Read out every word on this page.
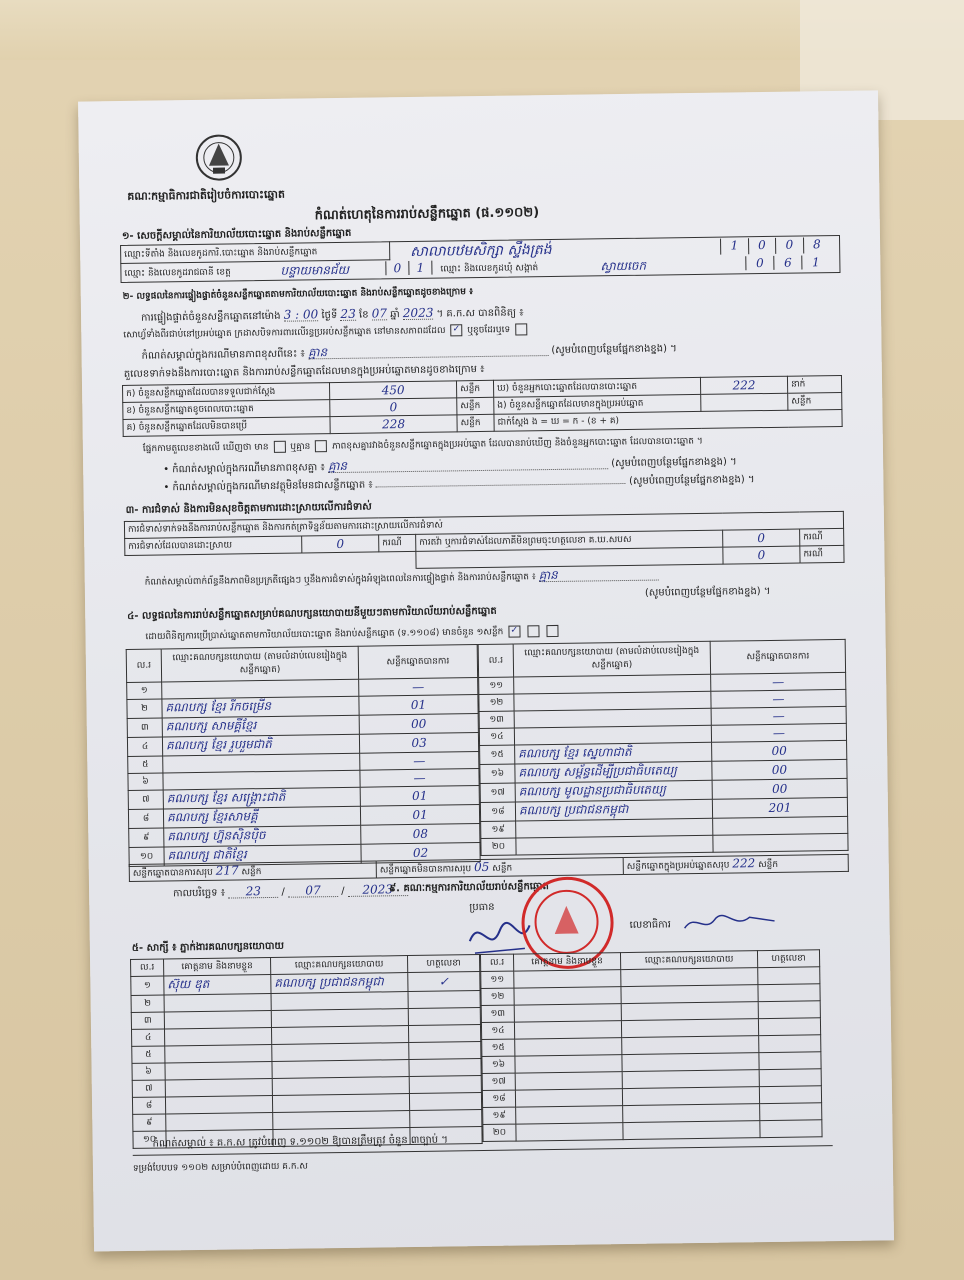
គណៈកម្មាធិការជាតិរៀបចំការបោះឆ្នោត
កំណត់ហេតុនៃការរាប់សន្លឹកឆ្នោត (ផ.១១០២)
១- សេចក្តីសម្គាល់នៃការិយាល័យបោះឆ្នោត និងរាប់សន្លឹកឆ្នោត
ឈ្មោះទីតាំង និងលេខកូដការិ.បោះឆ្នោត និងរាប់សន្លឹកឆ្នោត	សាលាបឋមសិក្សា ស្ទឹងត្រង់	1	0	0	8
ឈ្មោះ និងលេខកូដរាជធានី ខេត្ត	បន្ទាយមានជ័យ	0	1	ឈ្មោះ និងលេខកូដឃុំ សង្កាត់	ស្វាយចេក	0	6	1
២- លទ្ធផលនៃការផ្ទៀងផ្ទាត់ចំនួនសន្លឹកឆ្នោតតាមការិយាល័យបោះឆ្នោត និងរាប់សន្លឹកឆ្នោតដូចខាងក្រោម ៖
ការផ្ទៀងផ្ទាត់ចំនួនសន្លឹកឆ្នោតនៅម៉ោង 3 : 00 ថ្ងៃទី 23 ខែ 07 ឆ្នាំ 2023 ។ គ.ក.ស បានពិនិត្យ ៖
សោហ្វ័ទាំងពីរជាប់នៅប្រអប់ឆ្នោត ក្រដាសបិទការពារលើរន្ធប្រអប់សន្លឹកឆ្នោត នៅមានសភាពដដែល ✓ ឬខូចដែរឬទេ
កំណត់សម្គាល់ក្នុងករណីមានភាពខុសពីនេះ ៖ គ្មាន	(សូមបំពេញបន្ថែមផ្នែកខាងខ្នង) ។
តួលេខទាក់ទងនឹងការបោះឆ្នោត និងការរាប់សន្លឹកឆ្នោតដែលមានក្នុងប្រអប់ឆ្នោតមានដូចខាងក្រោម ៖
ក) ចំនួនសន្លឹកឆ្នោតដែលបានទទួលជាក់ស្តែង	450	សន្លឹក	ឃ) ចំនួនអ្នកបោះឆ្នោតដែលបានបោះឆ្នោត	222	នាក់
ខ) ចំនួនសន្លឹកឆ្នោតខូចពេលបោះឆ្នោត	0	សន្លឹក	ង) ចំនួនសន្លឹកឆ្នោតដែលមានក្នុងប្រអប់ឆ្នោត		សន្លឹក
គ) ចំនួនសន្លឹកឆ្នោតដែលមិនបានប្រើ	228	សន្លឹក	ជាក់ស្តែង ង = ឃ = ក - (ខ + គ)		
ផ្នែកកាមតួលេខខាងលើ ឃើញថា មាន ឬគ្មាន ភាពខុសគ្នារវាងចំនួនសន្លឹកឆ្នោតក្នុងប្រអប់ឆ្នោត ដែលបានរាប់ឃើញ និងចំនួនអ្នកបោះឆ្នោត ដែលបានបោះឆ្នោត ។
• កំណត់សម្គាល់ក្នុងករណីមានភាពខុសគ្នា ៖ គ្មាន	(សូមបំពេញបន្ថែមផ្នែកខាងខ្នង) ។
• កំណត់សម្គាល់ក្នុងករណីមានវត្ថុមិនមែនជាសន្លឹកឆ្នោត ៖	(សូមបំពេញបន្ថែមផ្នែកខាងខ្នង) ។
៣- ការជំទាស់ និងការមិនសុខចិត្តតាមការដោះស្រាយលើការជំទាស់
ការជំទាស់ទាក់ទងនឹងការរាប់សន្លឹកឆ្នោត និងការកត់ត្រាទិន្នន័យតាមការដោះស្រាយលើការជំទាស់					
ការជំទាស់ដែលបានដោះស្រាយ	0	ករណី	ការតវ៉ា ឬការជំទាស់ដែលភាគីមិនព្រមចុះហត្ថលេខា គ.ឃ.សបស	0	ករណី
				0	ករណី
កំណត់សម្គាល់ពាក់ព័ន្ធនឹងភាពមិនប្រក្រតីផ្សេងៗ ឬនឹងការជំទាស់ក្នុងអំឡុងពេលនៃការផ្ទៀងផ្ទាត់ និងការរាប់សន្លឹកឆ្នោត ៖ គ្មាន
(សូមបំពេញបន្ថែមផ្នែកខាងខ្នង) ។
៤- លទ្ធផលនៃការរាប់សន្លឹកឆ្នោតសម្រាប់គណបក្សនយោបាយនីមួយៗតាមការិយាល័យរាប់សន្លឹកឆ្នោត
ដោយពិនិត្យការប្រើប្រាស់ឆ្នោតតាមការិយាល័យបោះឆ្នោត និងរាប់សន្លឹកឆ្នោត (ទ.១១០៨) មានចំនួន ១សន្លឹក ✓
ល.រ	ឈ្មោះគណបក្សនយោបាយ (តាមលំដាប់លេខរៀងក្នុងសន្លឹកឆ្នោត)	សន្លឹកឆ្នោតបានការ
១		—
២	គណបក្ស ខ្មែរ រីកចម្រើន	01
៣	គណបក្ស សាមគ្គីខ្មែរ	00
៤	គណបក្ស ខ្មែរ រួបរួមជាតិ	03
៥		—
៦		—
៧	គណបក្ស ខ្មែរ សង្គ្រោះជាតិ	01
៨	គណបក្ស ខ្មែរសាមគ្គី	01
៩	គណបក្ស ហ្វ៊ុនស៊ិនប៉ិច	08
១០	គណបក្ស ជាតិខ្មែរ	02
ល.រ	ឈ្មោះគណបក្សនយោបាយ (តាមលំដាប់លេខរៀងក្នុងសន្លឹកឆ្នោត)	សន្លឹកឆ្នោតបានការ
១១		—
១២		—
១៣		—
១៤		—
១៥	គណបក្ស ខ្មែរ ស្នេហាជាតិ	00
១៦	គណបក្ស សម្ព័ន្ធដើម្បីប្រជាធិបតេយ្យ	00
១៧	គណបក្ស មូលដ្ឋានប្រជាធិបតេយ្យ	00
១៨	គណបក្ស ប្រជាជនកម្ពុជា	201
១៩		
២០		
សន្លឹកឆ្នោតបានការសរុប 217 សន្លឹក	សន្លឹកឆ្នោតមិនបានការសរុប 05 សន្លឹក	សន្លឹកឆ្នោតក្នុងប្រអប់ឆ្នោតសរុប 222 សន្លឹក
កាលបរិច្ឆេទ ៖ 23 / 07 / 2023
៩. គណៈកម្មការការិយាល័យរាប់សន្លឹកឆ្នោត
ប្រធាន
លេខាធិការ
៥- សាក្សី ៖ ភ្នាក់ងារគណបក្សនយោបាយ
ល.រ	គោត្តនាម និងនាមខ្លួន	ឈ្មោះគណបក្សនយោបាយ	ហត្ថលេខា
១	ស៊ុយ ឌុត	គណបក្ស ប្រជាជនកម្ពុជា	✓
២			
៣			
៤			
៥			
៦			
៧			
៨			
៩			
១០			
ល.រ	គោត្តនាម និងនាមខ្លួន	ឈ្មោះគណបក្សនយោបាយ	ហត្ថលេខា
១១			
១២			
១៣			
១៤			
១៥			
១៦			
១៧			
១៨			
១៩			
២០			
កំណត់សម្គាល់ ៖ គ.ក.ស ត្រូវបំពេញ ទ.១១០២ ឱ្យបានត្រឹមត្រូវ ចំនួន ៣ច្បាប់ ។
ទម្រង់បែបបទ ១១០២ សម្រាប់បំពេញដោយ គ.ក.ស
